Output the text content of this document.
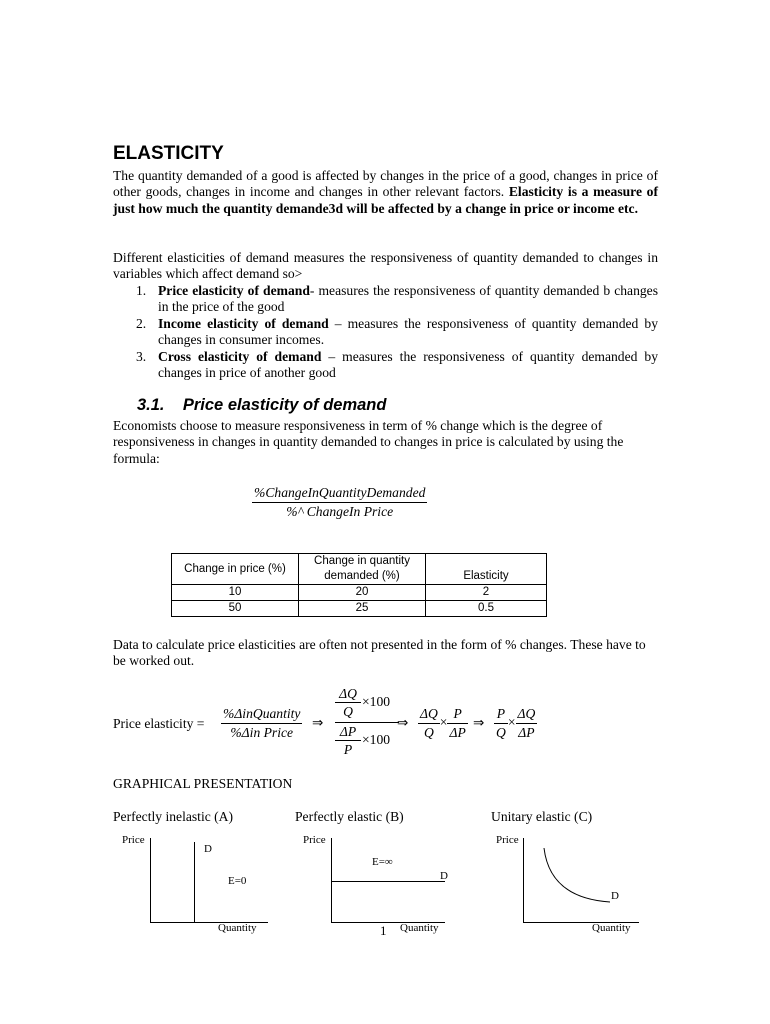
ELASTICITY
The quantity demanded of a good is affected by changes in the price of a good, changes in price of other goods, changes in income and changes in other relevant factors. Elasticity is a measure of just how much the quantity demande3d will be affected by a change in price or income etc.
Different elasticities of demand measures the responsiveness of quantity demanded to changes in variables which affect demand so>
1. Price elasticity of demand- measures the responsiveness of quantity demanded b changes in the price of the good
2. Income elasticity of demand – measures the responsiveness of quantity demanded by changes in consumer incomes.
3. Cross elasticity of demand – measures the responsiveness of quantity demanded by changes in price of another good
3.1. Price elasticity of demand
Economists choose to measure responsiveness in term of % change which is the degree of responsiveness in changes in quantity demanded to changes in price is calculated by using the formula:
$\frac{\text{\%ChangeInQuantityDemanded}}{\text{\%\textasciicircum{} ChangeIn Price}}$
Change in price (%)	Change in quantity demanded (%)	Elasticity
10	20	2
50	25	0.5
Data to calculate price elasticities are often not presented in the form of % changes. These have to be worked out.
Price elasticity = $\frac{\text{\%ΔinQuantity}}{\text{\%Δin Price}}$ ⇒
ΔQ
Q
×100
ΔP
P
×100
⇒ $\frac{\Delta Q}{Q} \times \frac{P}{\Delta P}$ ⇒ $\frac{P}{Q} \times \frac{\Delta Q}{\Delta P}$
GRAPHICAL PRESENTATION
Perfectly inelastic (A)	Perfectly elastic (B)	Unitary elastic (C)
Price
D
E=0
Quantity
Price
E=∞
D
1 Quantity
Price
D
Quantity
